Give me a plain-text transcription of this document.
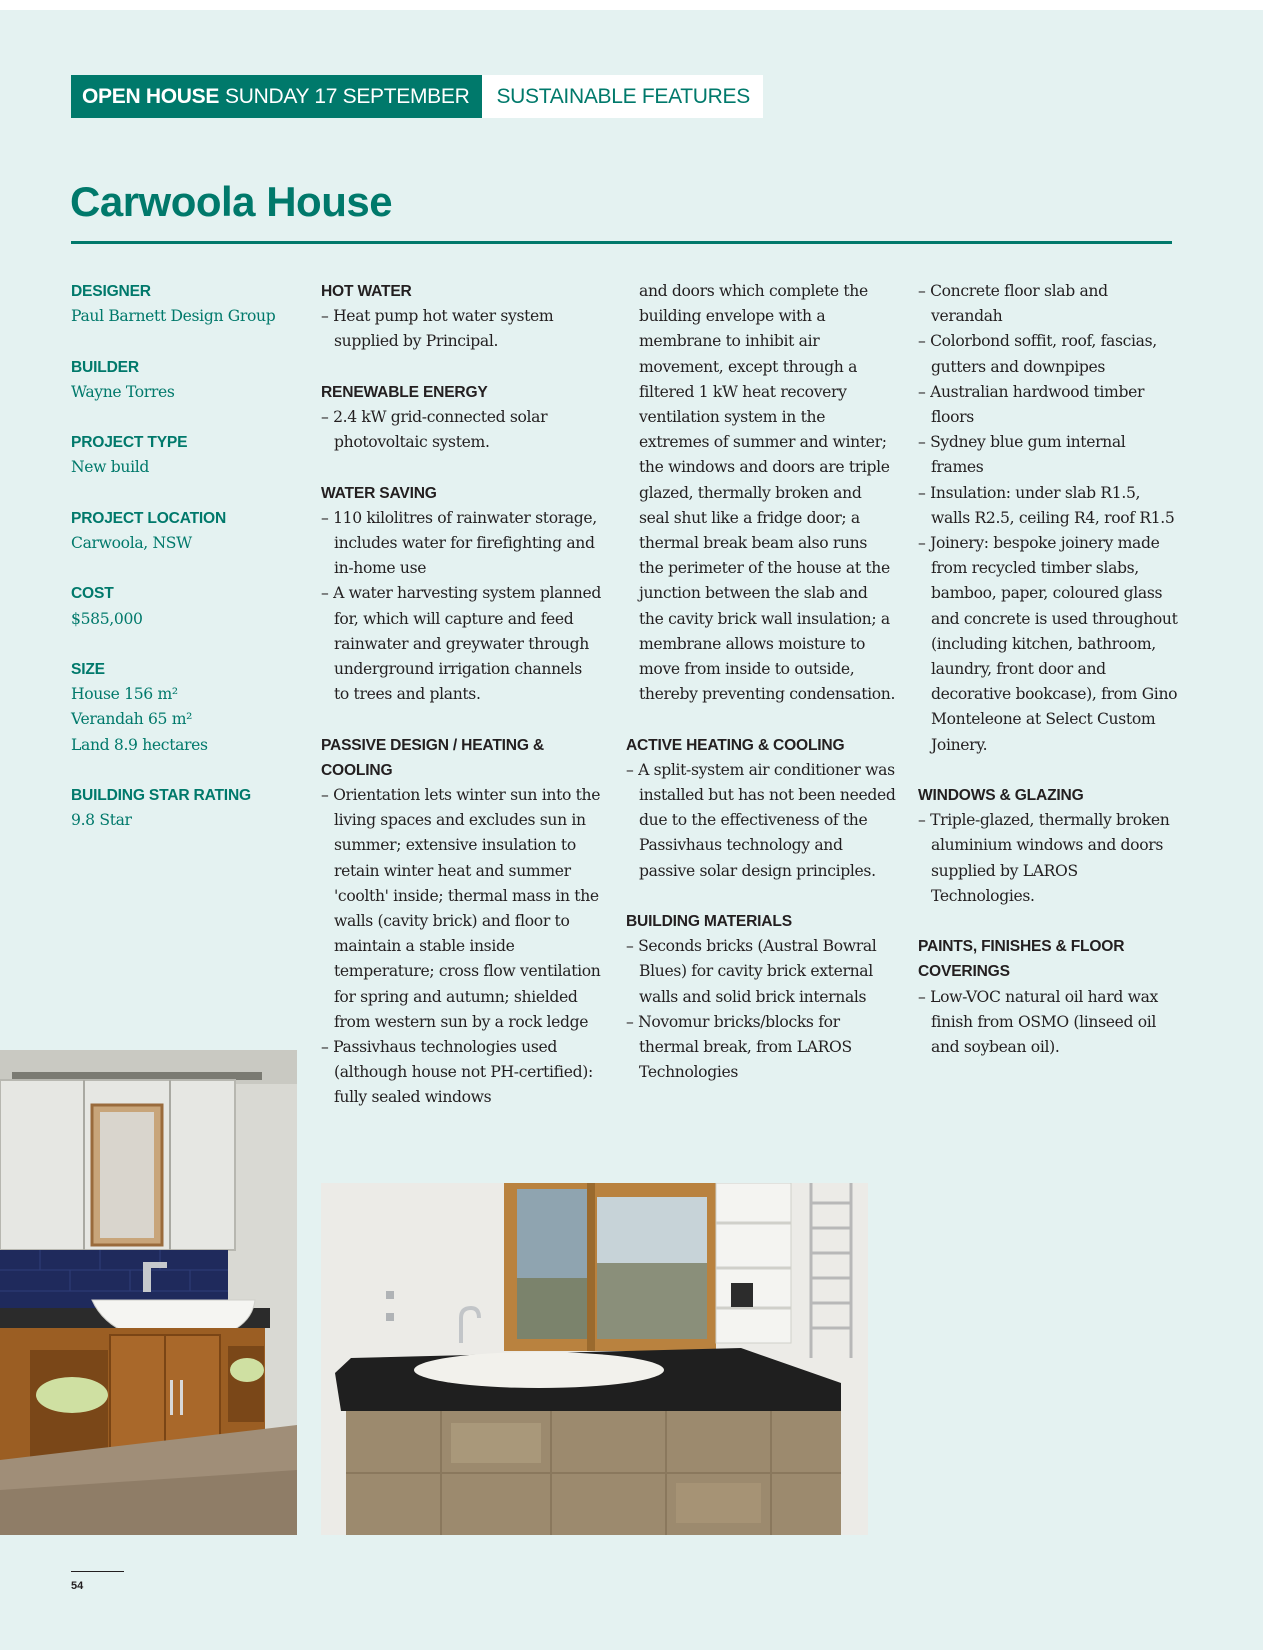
OPEN HOUSE SUNDAY 17 SEPTEMBER	SUSTAINABLE FEATURES
Carwoola House
DESIGNER
Paul Barnett Design Group
BUILDER
Wayne Torres
PROJECT TYPE
New build
PROJECT LOCATION
Carwoola, NSW
COST
$585,000
SIZE
House 156 m²
Verandah 65 m²
Land 8.9 hectares
BUILDING STAR RATING
9.8 Star
HOT WATER
– Heat pump hot water system supplied by Principal.
RENEWABLE ENERGY
– 2.4 kW grid-connected solar photovoltaic system.
WATER SAVING
– 110 kilolitres of rainwater storage, includes water for firefighting and in-home use
– A water harvesting system planned for, which will capture and feed rainwater and greywater through underground irrigation channels to trees and plants.
PASSIVE DESIGN / HEATING & COOLING
– Orientation lets winter sun into the living spaces and excludes sun in summer; extensive insulation to retain winter heat and summer 'coolth' inside; thermal mass in the walls (cavity brick) and floor to maintain a stable inside temperature; cross flow ventilation for spring and autumn; shielded from western sun by a rock ledge
– Passivhaus technologies used (although house not PH-certified): fully sealed windows
and doors which complete the building envelope with a membrane to inhibit air movement, except through a filtered 1 kW heat recovery ventilation system in the extremes of summer and winter; the windows and doors are triple glazed, thermally broken and seal shut like a fridge door; a thermal break beam also runs the perimeter of the house at the junction between the slab and the cavity brick wall insulation; a membrane allows moisture to move from inside to outside, thereby preventing condensation.
ACTIVE HEATING & COOLING
– A split-system air conditioner was installed but has not been needed due to the effectiveness of the Passivhaus technology and passive solar design principles.
BUILDING MATERIALS
– Seconds bricks (Austral Bowral Blues) for cavity brick external walls and solid brick internals
– Novomur bricks/blocks for thermal break, from LAROS Technologies
– Concrete floor slab and verandah
– Colorbond soffit, roof, fascias, gutters and downpipes
– Australian hardwood timber floors
– Sydney blue gum internal frames
– Insulation: under slab R1.5, walls R2.5, ceiling R4, roof R1.5
– Joinery: bespoke joinery made from recycled timber slabs, bamboo, paper, coloured glass and concrete is used throughout (including kitchen, bathroom, laundry, front door and decorative bookcase), from Gino Monteleone at Select Custom Joinery.
WINDOWS & GLAZING
– Triple-glazed, thermally broken aluminium windows and doors supplied by LAROS Technologies.
PAINTS, FINISHES & FLOOR COVERINGS
– Low-VOC natural oil hard wax finish from OSMO (linseed oil and soybean oil).
54
